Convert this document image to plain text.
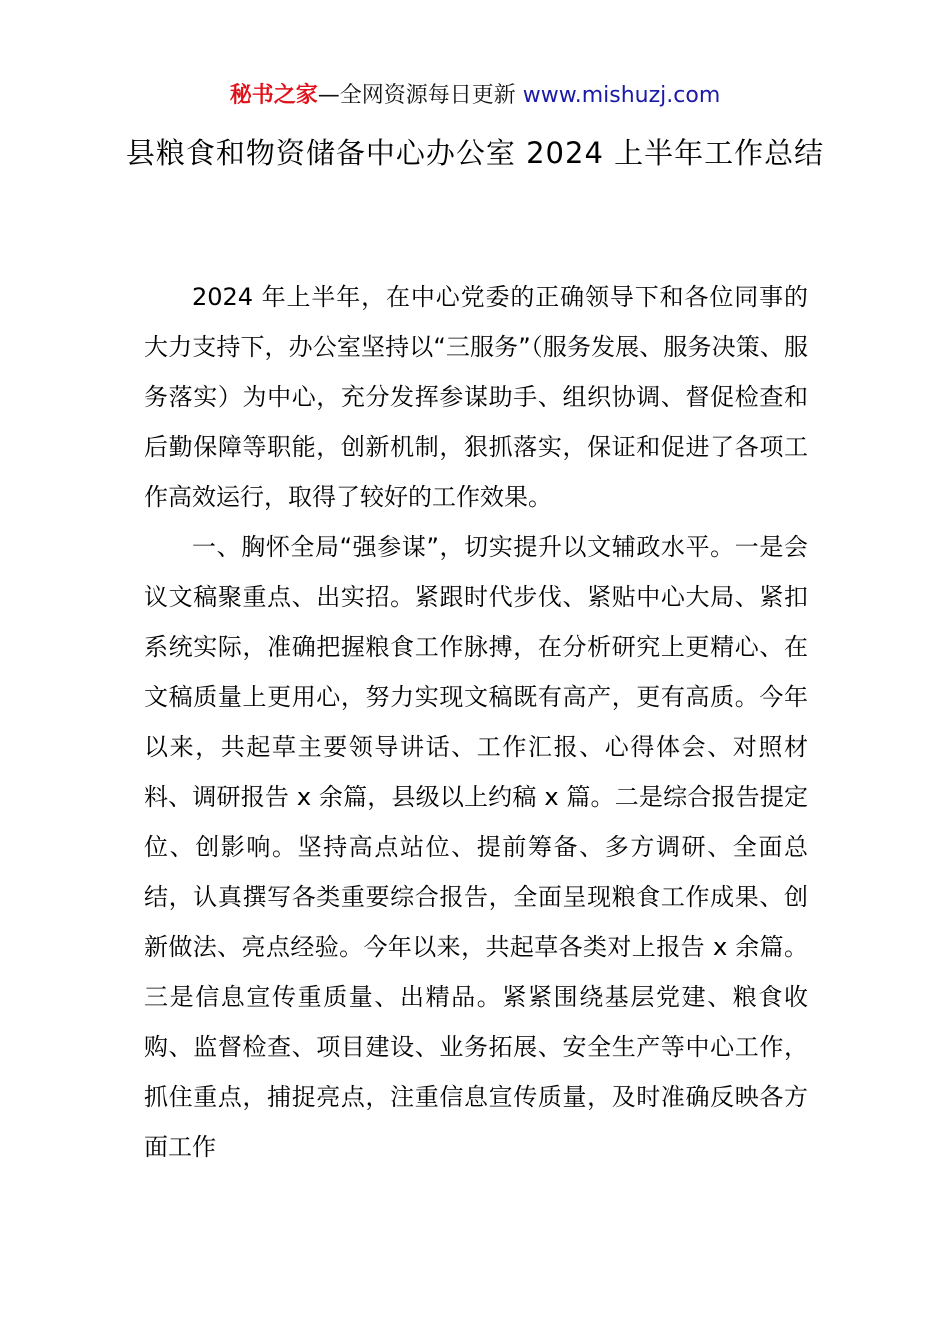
秘书之家—全网资源每日更新 www.mishuzj.com
县粮食和物资储备中心办公室 2024 上半年工作总结

2024 年上半年，在中心党委的正确领导下和各位同事的大力支持下，办公室坚持以“三服务”（服务发展、服务决策、服务落实）为中心，充分发挥参谋助手、组织协调、督促检查和后勤保障等职能，创新机制，狠抓落实，保证和促进了各项工作高效运行，取得了较好的工作效果。

一、胸怀全局“强参谋”，切实提升以文辅政水平。一是会议文稿聚重点、出实招。紧跟时代步伐、紧贴中心大局、紧扣系统实际，准确把握粮食工作脉搏，在分析研究上更精心、在文稿质量上更用心，努力实现文稿既有高产，更有高质。今年以来，共起草主要领导讲话、工作汇报、心得体会、对照材料、调研报告 x 余篇，县级以上约稿 x 篇。二是综合报告提定位、创影响。坚持高点站位、提前筹备、多方调研、全面总结，认真撰写各类重要综合报告，全面呈现粮食工作成果、创新做法、亮点经验。今年以来，共起草各类对上报告 x 余篇。三是信息宣传重质量、出精品。紧紧围绕基层党建、粮食收购、监督检查、项目建设、业务拓展、安全生产等中心工作，抓住重点，捕捉亮点，注重信息宣传质量，及时准确反映各方面工作
